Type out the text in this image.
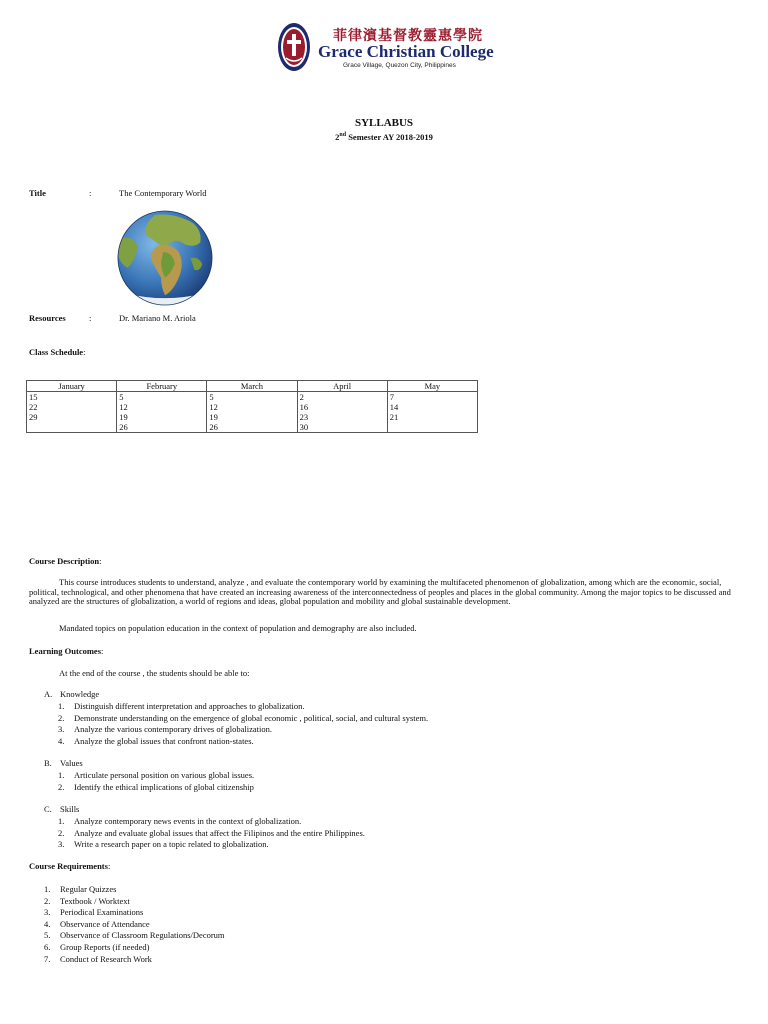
菲律濱基督教靈惠學院
Grace Christian College
Grace Village, Quezon City, Philippines
SYLLABUS
2nd Semester AY 2018-2019
Title	:	The Contemporary World
Resources	:	Dr. Mariano M. Ariola
Class Schedule:
January	February	March	April	May
15	5	5	2	7
22	12	12	16	14
29	19	19	23	21
	26	26	30	
Course Description:
This course introduces students to understand, analyze , and evaluate the contemporary world by examining the multifaceted phenomenon of globalization, among which are the economic, social, political, technological, and other phenomena that have created an increasing awareness of the interconnectedness of peoples and places in the global community. Among the major topics to be discussed and analyzed are the structures of globalization, a world of regions and ideas, global population and mobility and global sustainable development.
Mandated topics on population education in the context of population and demography are also included.
Learning Outcomes:
At the end of the course , the students should be able to:
A. Knowledge
1. Distinguish different interpretation and approaches to globalization.
2. Demonstrate understanding on the emergence of global economic , political, social, and cultural system.
3. Analyze the various contemporary drives of globalization.
4. Analyze the global issues that confront nation-states.
B. Values
1. Articulate personal position on various global issues.
2. Identify the ethical implications of global citizenship
C. Skills
1. Analyze contemporary news events in the context of globalization.
2. Analyze and evaluate global issues that affect the Filipinos and the entire Philippines.
3. Write a research paper on a topic related to globalization.
Course Requirements:
1. Regular Quizzes
2. Textbook / Worktext
3. Periodical Examinations
4. Observance of Attendance
5. Observance of Classroom Regulations/Decorum
6. Group Reports (if needed)
7. Conduct of Research Work
